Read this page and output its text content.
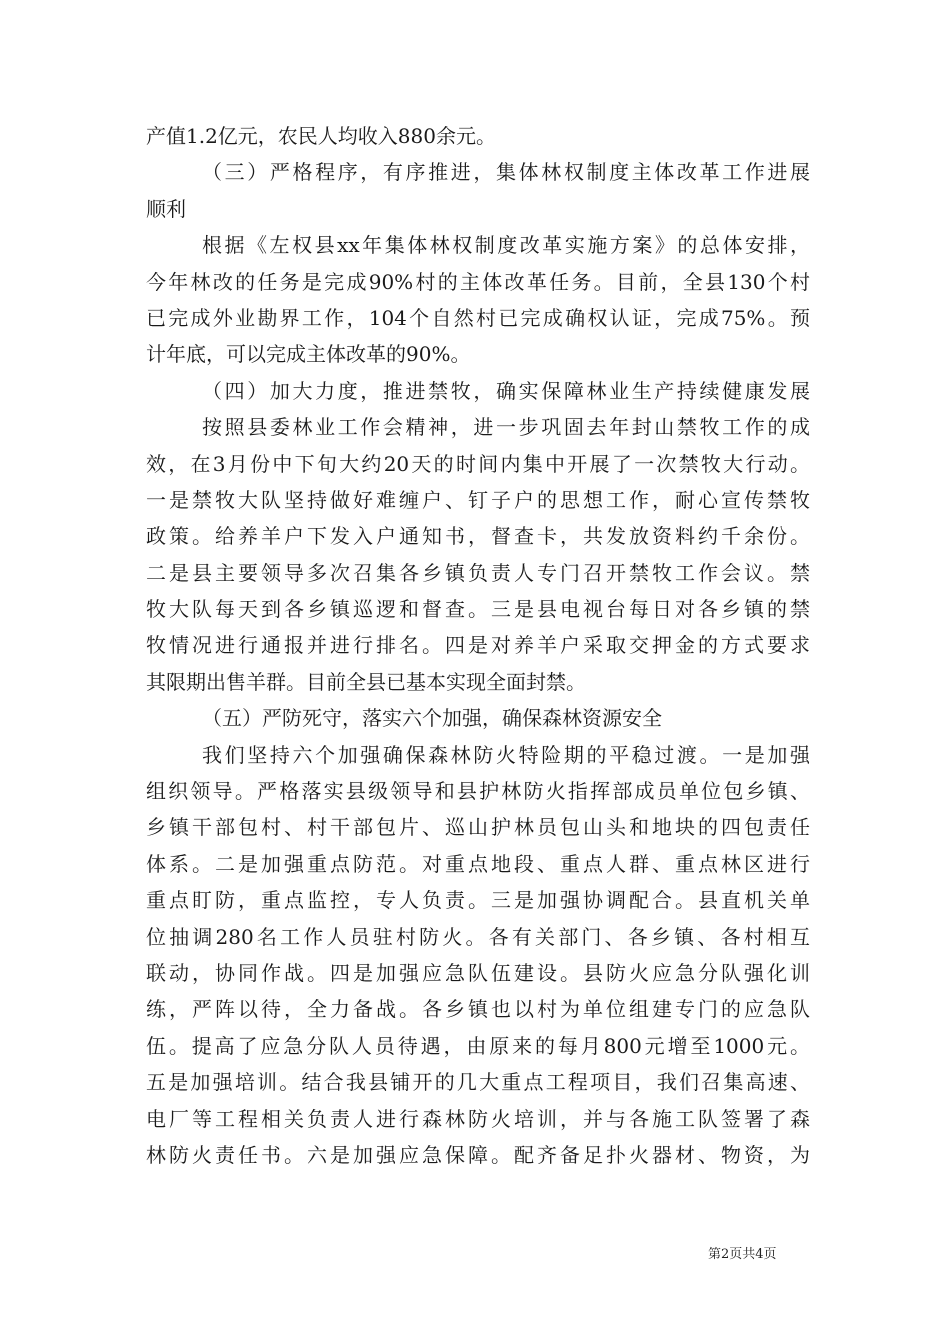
产值1.2亿元，农民人均收入880余元。
（三）严格程序，有序推进，集体林权制度主体改革工作进展
顺利
根据《左权县xx年集体林权制度改革实施方案》的总体安排，
今年林改的任务是完成90%村的主体改革任务。目前，全县130个村
已完成外业勘界工作，104个自然村已完成确权认证，完成75%。预
计年底，可以完成主体改革的90%。
（四）加大力度，推进禁牧，确实保障林业生产持续健康发展
按照县委林业工作会精神，进一步巩固去年封山禁牧工作的成
效，在3月份中下旬大约20天的时间内集中开展了一次禁牧大行动。
一是禁牧大队坚持做好难缠户、钉子户的思想工作，耐心宣传禁牧
政策。给养羊户下发入户通知书，督查卡，共发放资料约千余份。
二是县主要领导多次召集各乡镇负责人专门召开禁牧工作会议。禁
牧大队每天到各乡镇巡逻和督查。三是县电视台每日对各乡镇的禁
牧情况进行通报并进行排名。四是对养羊户采取交押金的方式要求
其限期出售羊群。目前全县已基本实现全面封禁。
（五）严防死守，落实六个加强，确保森林资源安全
我们坚持六个加强确保森林防火特险期的平稳过渡。一是加强
组织领导。严格落实县级领导和县护林防火指挥部成员单位包乡镇、
乡镇干部包村、村干部包片、巡山护林员包山头和地块的四包责任
体系。二是加强重点防范。对重点地段、重点人群、重点林区进行
重点盯防，重点监控，专人负责。三是加强协调配合。县直机关单
位抽调280名工作人员驻村防火。各有关部门、各乡镇、各村相互
联动，协同作战。四是加强应急队伍建设。县防火应急分队强化训
练，严阵以待，全力备战。各乡镇也以村为单位组建专门的应急队
伍。提高了应急分队人员待遇，由原来的每月800元增至1000元。
五是加强培训。结合我县铺开的几大重点工程项目，我们召集高速、
电厂等工程相关负责人进行森林防火培训，并与各施工队签署了森
林防火责任书。六是加强应急保障。配齐备足扑火器材、物资，为
第2页共4页
